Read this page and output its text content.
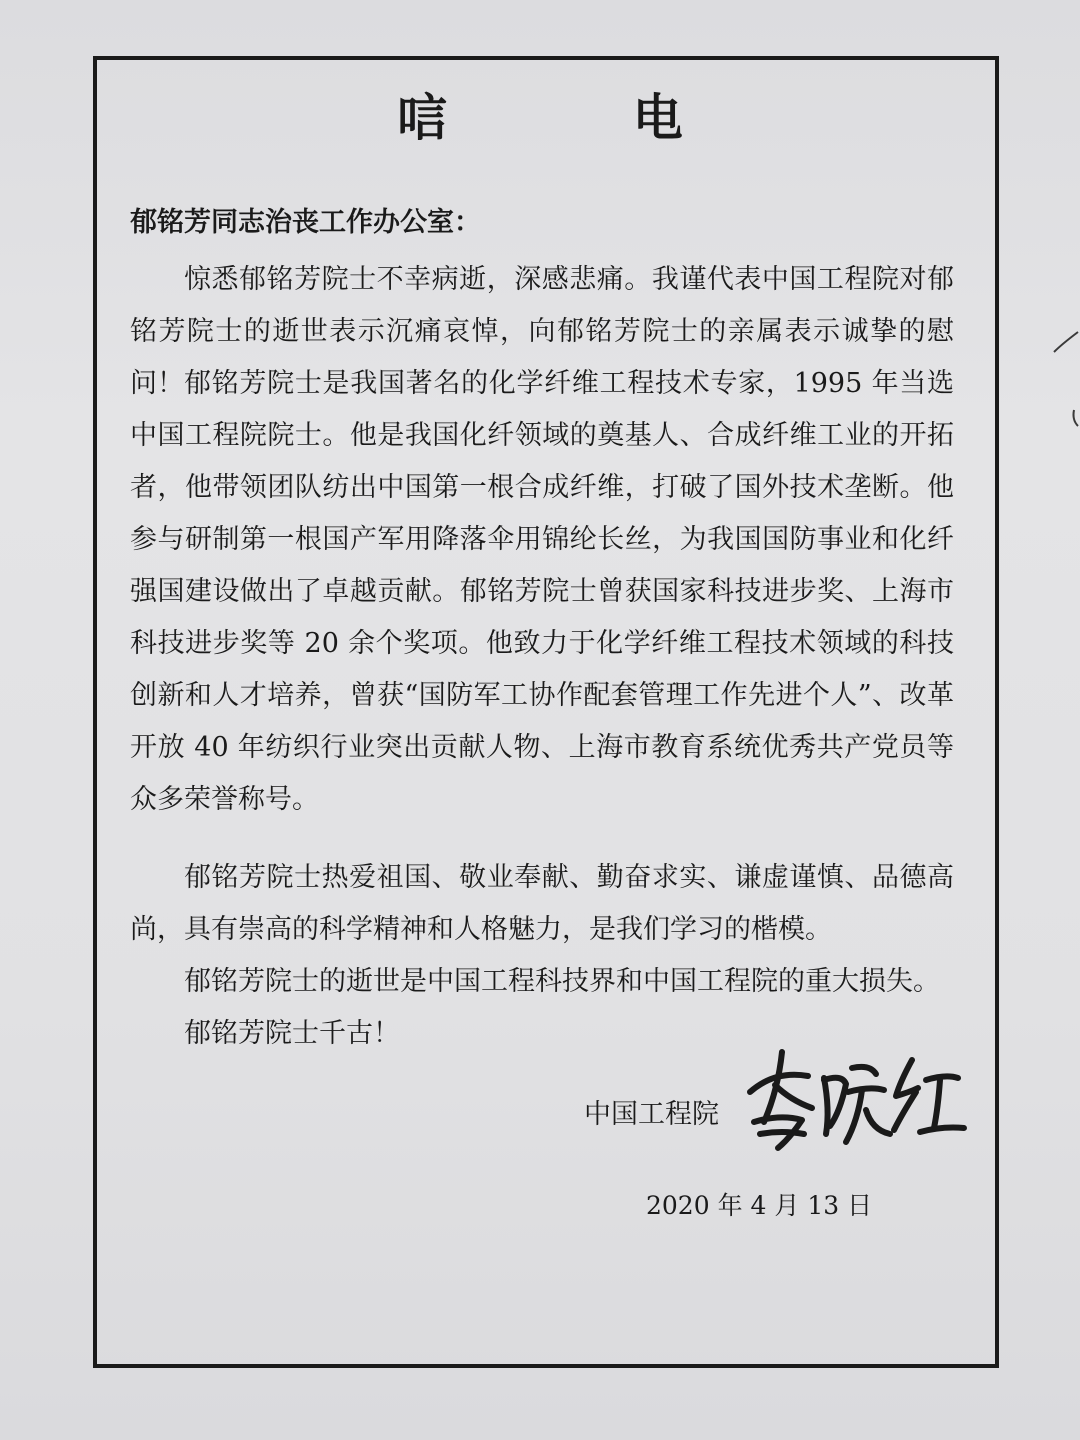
唁 电
郁铭芳同志治丧工作办公室：

惊悉郁铭芳院士不幸病逝，深感悲痛。我谨代表中国工程院对郁铭芳院士的逝世表示沉痛哀悼，向郁铭芳院士的亲属表示诚挚的慰问！ 郁铭芳院士是我国著名的化学纤维工程技术专家，1995 年当选中国工程院院士。他是我国化纤领域的奠基人、合成纤维工业的开拓者，他带领团队纺出中国第一根合成纤维，打破了国外技术垄断。他参与研制第一根国产军用降落伞用锦纶长丝，为我国国防事业和化纤强国建设做出了卓越贡献。郁铭芳院士曾获国家科技进步奖、上海市科技进步奖等 20 余个奖项。他致力于化学纤维工程技术领域的科技创新和人才培养，曾获“国防军工协作配套管理工作先进个人”、改革开放 40 年纺织行业突出贡献人物、上海市教育系统优秀共产党员等众多荣誉称号。

郁铭芳院士热爱祖国、敬业奉献、勤奋求实、谦虚谨慎、品德高尚，具有崇高的科学精神和人格魅力，是我们学习的楷模。

郁铭芳院士的逝世是中国工程科技界和中国工程院的重大损失。

郁铭芳院士千古！

中国工程院
2020 年 4 月 13 日
